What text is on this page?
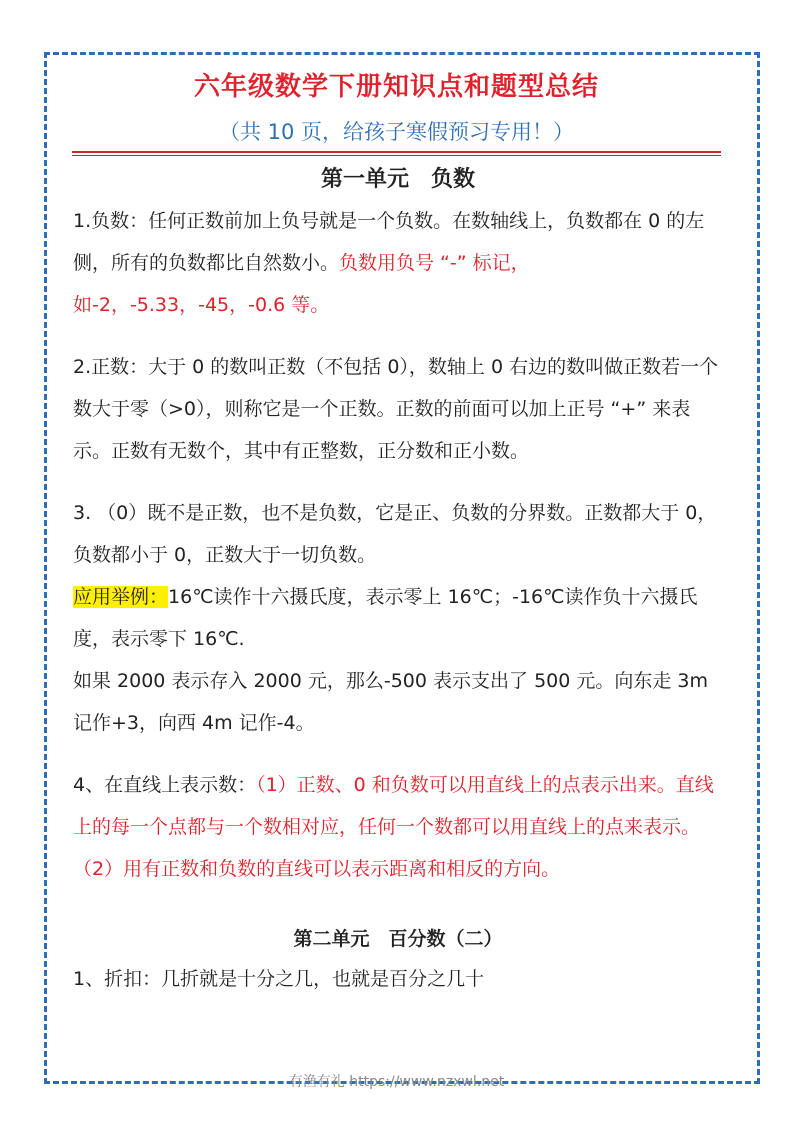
六年级数学下册知识点和题型总结
（共 10 页，给孩子寒假预习专用！）
第一单元　负数

1.负数：任何正数前加上负号就是一个负数。在数轴线上，负数都在 0 的左侧，所有的负数都比自然数小。负数用负号 “-” 标记，如-2，-5.33，-45，-0.6 等。

2.正数：大于 0 的数叫正数（不包括 0），数轴上 0 右边的数叫做正数若一个数大于零（>0），则称它是一个正数。正数的前面可以加上正号 “+” 来表示。正数有无数个，其中有正整数，正分数和正小数。

3. （0）既不是正数，也不是负数，它是正、负数的分界数。正数都大于 0，负数都小于 0，正数大于一切负数。

应用举例：16℃读作十六摄氏度，表示零上 16℃；-16℃读作负十六摄氏度，表示零下 16℃.

如果 2000 表示存入 2000 元，那么-500 表示支出了 500 元。向东走 3m 记作+3，向西 4m 记作-4。

4、在直线上表示数：（1）正数、0 和负数可以用直线上的点表示出来。直线上的每一个点都与一个数相对应，任何一个数都可以用直线上的点来表示。（2）用有正数和负数的直线可以表示距离和相反的方向。

第二单元　百分数（二）

1、折扣：几折就是十分之几，也就是百分之几十

有渔有礼 https://www.nzxwl.net
